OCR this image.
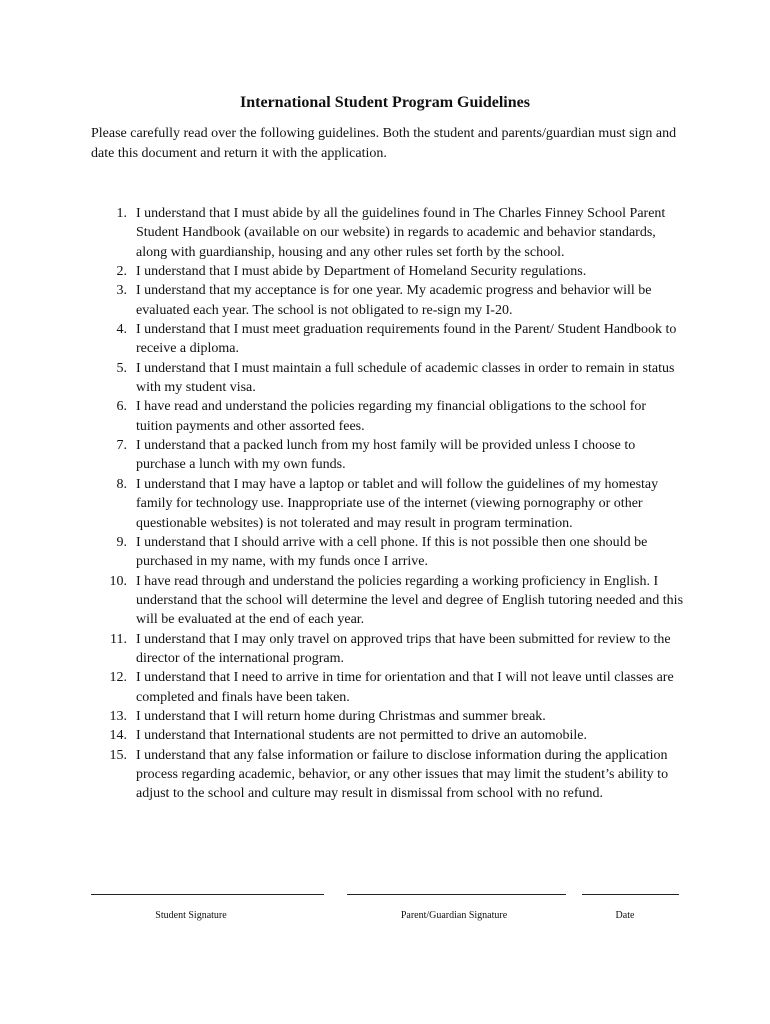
International Student Program Guidelines
Please carefully read over the following guidelines. Both the student and parents/guardian must sign and date this document and return it with the application.
1. I understand that I must abide by all the guidelines found in The Charles Finney School Parent Student Handbook (available on our website) in regards to academic and behavior standards, along with guardianship, housing and any other rules set forth by the school.
2. I understand that I must abide by Department of Homeland Security regulations.
3. I understand that my acceptance is for one year. My academic progress and behavior will be evaluated each year. The school is not obligated to re-sign my I-20.
4. I understand that I must meet graduation requirements found in the Parent/ Student Handbook to receive a diploma.
5. I understand that I must maintain a full schedule of academic classes in order to remain in status with my student visa.
6. I have read and understand the policies regarding my financial obligations to the school for tuition payments and other assorted fees.
7. I understand that a packed lunch from my host family will be provided unless I choose to purchase a lunch with my own funds.
8. I understand that I may have a laptop or tablet and will follow the guidelines of my homestay family for technology use. Inappropriate use of the internet (viewing pornography or other questionable websites) is not tolerated and may result in program termination.
9. I understand that I should arrive with a cell phone. If this is not possible then one should be purchased in my name, with my funds once I arrive.
10. I have read through and understand the policies regarding a working proficiency in English. I understand that the school will determine the level and degree of English tutoring needed and this will be evaluated at the end of each year.
11. I understand that I may only travel on approved trips that have been submitted for review to the director of the international program.
12. I understand that I need to arrive in time for orientation and that I will not leave until classes are completed and finals have been taken.
13. I understand that I will return home during Christmas and summer break.
14. I understand that International students are not permitted to drive an automobile.
15. I understand that any false information or failure to disclose information during the application process regarding academic, behavior, or any other issues that may limit the student’s ability to adjust to the school and culture may result in dismissal from school with no refund.
Student Signature	Parent/Guardian Signature	Date
